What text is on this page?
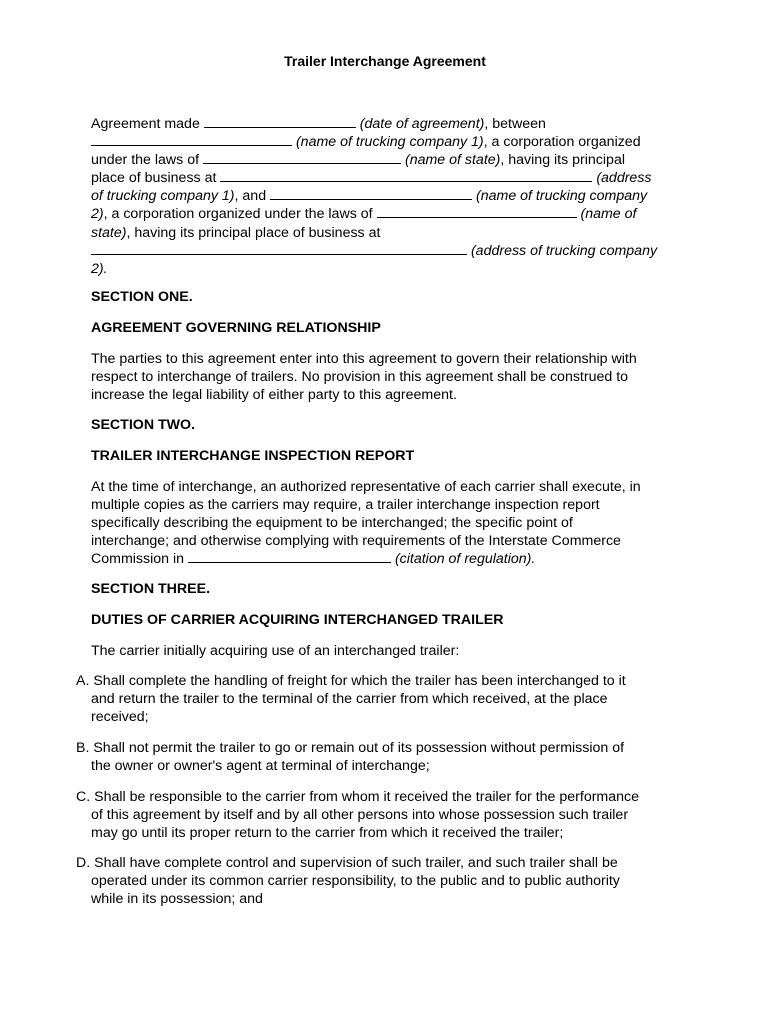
Trailer Interchange Agreement
Agreement made	(date of agreement), between
(name of trucking company 1), a corporation organized
under the laws of	(name of state), having its principal
place of business at	(address
of trucking company 1), and	(name of trucking company
2), a corporation organized under the laws of	(name of
state), having its principal place of business at
(address of trucking company
2).
SECTION ONE.
AGREEMENT GOVERNING RELATIONSHIP
The parties to this agreement enter into this agreement to govern their relationship with
respect to interchange of trailers. No provision in this agreement shall be construed to
increase the legal liability of either party to this agreement.
SECTION TWO.
TRAILER INTERCHANGE INSPECTION REPORT
At the time of interchange, an authorized representative of each carrier shall execute, in
multiple copies as the carriers may require, a trailer interchange inspection report
specifically describing the equipment to be interchanged; the specific point of
interchange; and otherwise complying with requirements of the Interstate Commerce
Commission in	(citation of regulation).
SECTION THREE.
DUTIES OF CARRIER ACQUIRING INTERCHANGED TRAILER
The carrier initially acquiring use of an interchanged trailer:
A. Shall complete the handling of freight for which the trailer has been interchanged to it
and return the trailer to the terminal of the carrier from which received, at the place
received;
B. Shall not permit the trailer to go or remain out of its possession without permission of
the owner or owner's agent at terminal of interchange;
C. Shall be responsible to the carrier from whom it received the trailer for the performance
of this agreement by itself and by all other persons into whose possession such trailer
may go until its proper return to the carrier from which it received the trailer;
D. Shall have complete control and supervision of such trailer, and such trailer shall be
operated under its common carrier responsibility, to the public and to public authority
while in its possession; and
